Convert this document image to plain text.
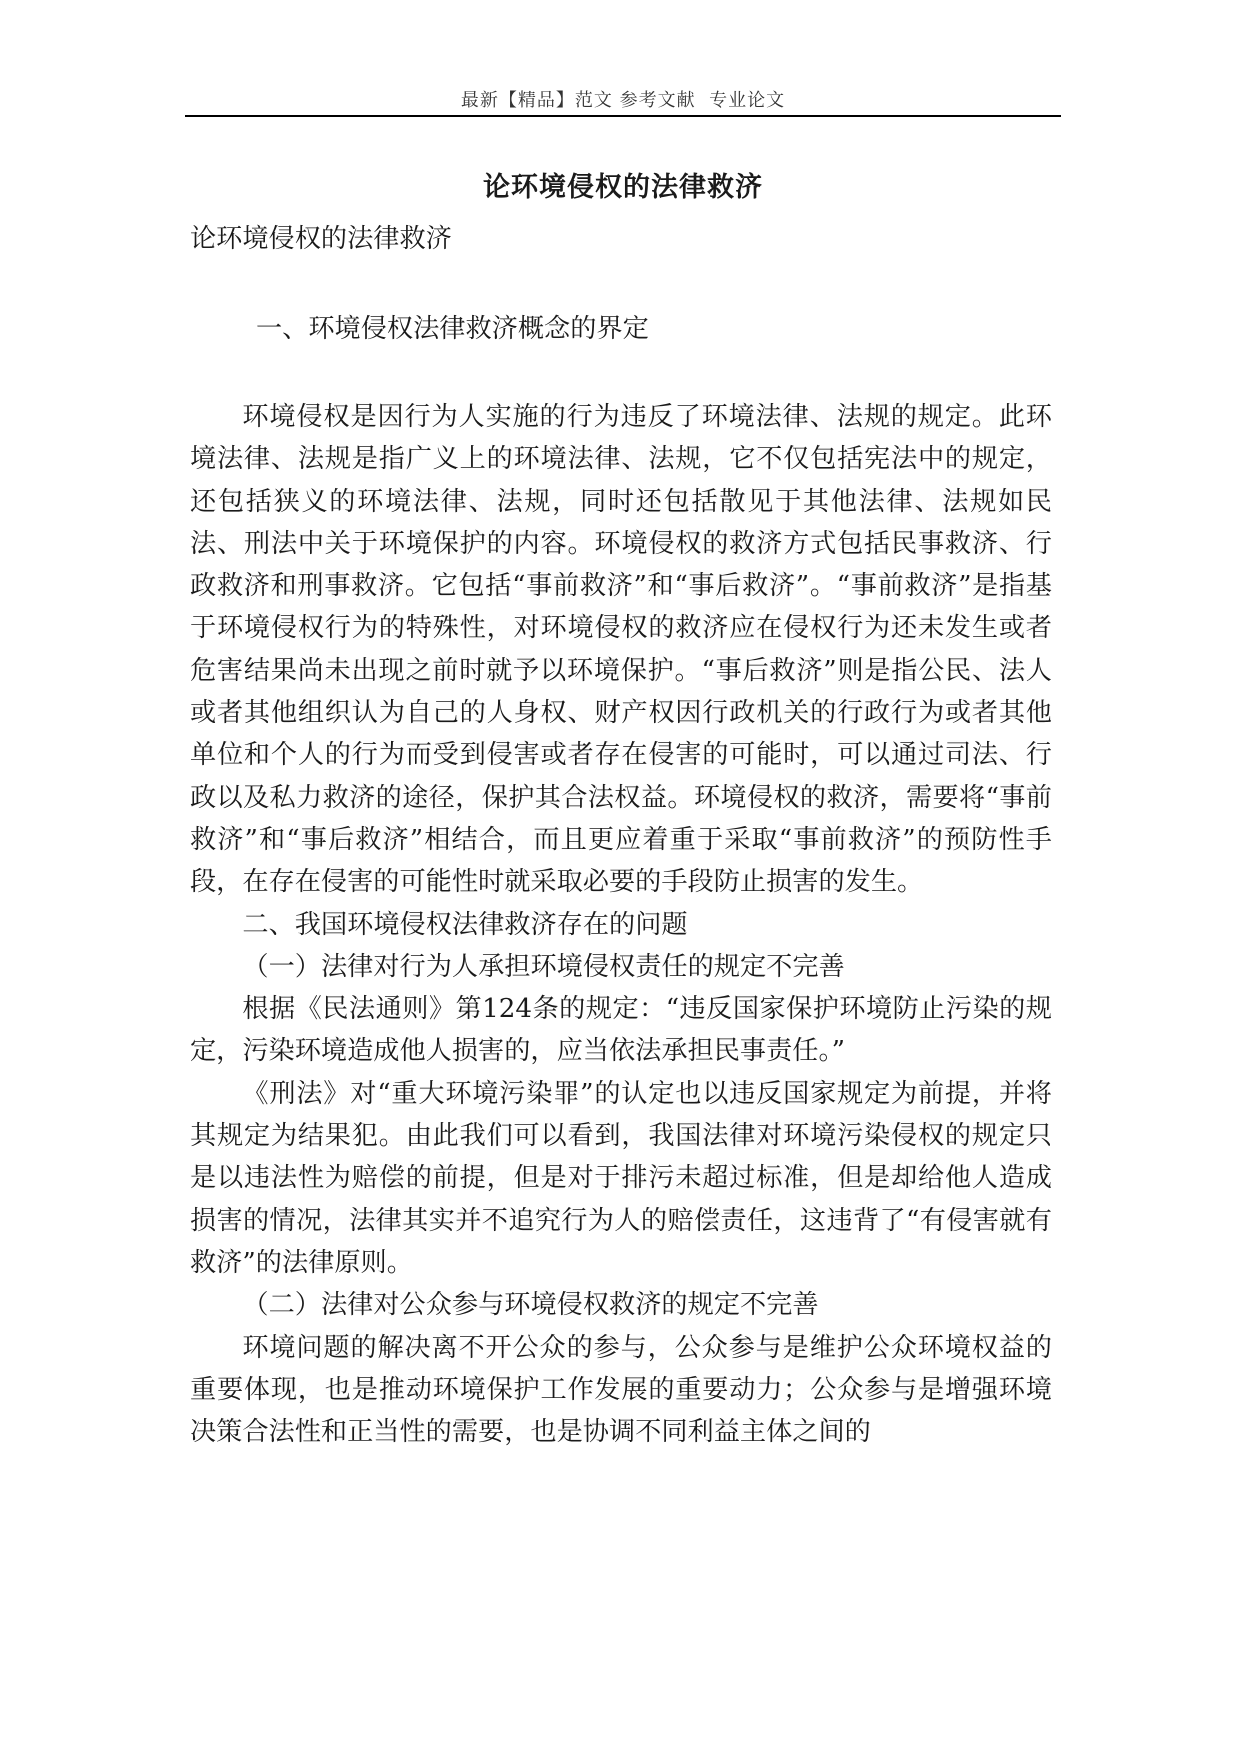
最新【精品】范文 参考文献  专业论文
论环境侵权的法律救济

论环境侵权的法律救济

一、环境侵权法律救济概念的界定

环境侵权是因行为人实施的行为违反了环境法律、法规的规定。此环境法律、法规是指广义上的环境法律、法规，它不仅包括宪法中的规定，还包括狭义的环境法律、法规，同时还包括散见于其他法律、法规如民法、刑法中关于环境保护的内容。环境侵权的救济方式包括民事救济、行政救济和刑事救济。它包括“事前救济”和“事后救济”。“事前救济”是指基于环境侵权行为的特殊性，对环境侵权的救济应在侵权行为还未发生或者危害结果尚未出现之前时就予以环境保护。“事后救济”则是指公民、法人或者其他组织认为自己的人身权、财产权因行政机关的行政行为或者其他单位和个人的行为而受到侵害或者存在侵害的可能时，可以通过司法、行政以及私力救济的途径，保护其合法权益。环境侵权的救济，需要将“事前救济”和“事后救济”相结合，而且更应着重于采取“事前救济”的预防性手段，在存在侵害的可能性时就采取必要的手段防止损害的发生。

二、我国环境侵权法律救济存在的问题

（一）法律对行为人承担环境侵权责任的规定不完善

根据《民法通则》第124条的规定：“违反国家保护环境防止污染的规定，污染环境造成他人损害的，应当依法承担民事责任。”

《刑法》对“重大环境污染罪”的认定也以违反国家规定为前提，并将其规定为结果犯。由此我们可以看到，我国法律对环境污染侵权的规定只是以违法性为赔偿的前提，但是对于排污未超过标准，但是却给他人造成损害的情况，法律其实并不追究行为人的赔偿责任，这违背了“有侵害就有救济”的法律原则。

（二）法律对公众参与环境侵权救济的规定不完善

环境问题的解决离不开公众的参与，公众参与是维护公众环境权益的重要体现，也是推动环境保护工作发展的重要动力；公众参与是增强环境决策合法性和正当性的需要，也是协调不同利益主体之间的
